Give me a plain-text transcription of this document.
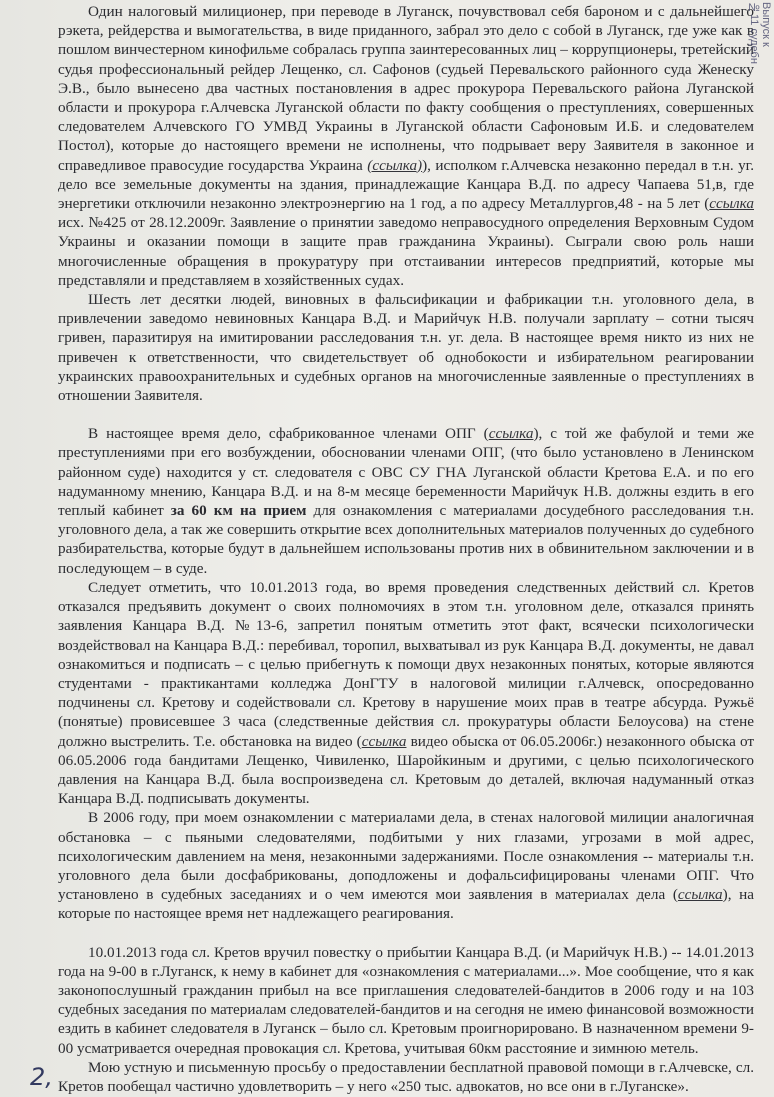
Выпуск к №11 судебн

Один налоговый милиционер, при переводе в Луганск, почувствовал себя бароном и с дальнейшего рэкета, рейдерства и вымогательства, в виде приданного, забрал это дело с собой в Луганск, где уже как в пошлом винчестерном кинофильме собралась группа заинтересованных лиц – коррупционеры, третейский судья профессиональный рейдер Лещенко, сл. Сафонов (судьей Перевальского районного суда Женеску Э.В., было вынесено два частных постановления в адрес прокурора Перевальского района Луганской области и прокурора г.Алчевска Луганской области по факту сообщения о преступлениях, совершенных следователем Алчевского ГО УМВД Украины в Луганской области Сафоновым И.Б. и следователем Постол), которые до настоящего времени не исполнены, что подрывает веру Заявителя в законное и справедливое правосудие государства Украина (ссылка)), исполком г.Алчевска незаконно передал в т.н. уг. дело все земельные документы на здания, принадлежащие Канцара В.Д. по адресу Чапаева 51,в, где энергетики отключили незаконно электроэнергию на 1 год, а по адресу Металлургов,48 - на 5 лет (ссылка исх. №425 от 28.12.2009г. Заявление о принятии заведомо неправосудного определения Верховным Судом Украины и оказании помощи в защите прав гражданина Украины). Сыграли свою роль наши многочисленные обращения в прокуратуру при отстаивании интересов предприятий, которые мы представляли и представляем в хозяйственных судах.

Шесть лет десятки людей, виновных в фальсификации и фабрикации т.н. уголовного дела, в привлечении заведомо невиновных Канцара В.Д. и Марийчук Н.В. получали зарплату – сотни тысяч гривен, паразитируя на имитировании расследования т.н. уг. дела. В настоящее время никто из них не привечен к ответственности, что свидетельствует об однобокости и избирательном реагировании украинских правоохранительных и судебных органов на многочисленные заявленные о преступлениях в отношении Заявителя.

В настоящее время дело, сфабрикованное членами ОПГ (ссылка), с той же фабулой и теми же преступлениями при его возбуждении, обосновании членами ОПГ, (что было установлено в Ленинском районном суде) находится у ст. следователя с ОВС СУ ГНА Луганской области Кретова Е.А. и по его надуманному мнению, Канцара В.Д. и на 8-м месяце беременности Марийчук Н.В. должны ездить в его теплый кабинет за 60 км на прием для ознакомления с материалами досудебного расследования т.н. уголовного дела, а так же совершить открытие всех дополнительных материалов полученных до судебного разбирательства, которые будут в дальнейшем использованы против них в обвинительном заключении и в последующем – в суде.

Следует отметить, что 10.01.2013 года, во время проведения следственных действий сл. Кретов отказался предъявить документ о своих полномочиях в этом т.н. уголовном деле, отказался принять заявления Канцара В.Д. №13-6, запретил понятым отметить этот факт, всячески психологически воздействовал на Канцара В.Д.: перебивал, торопил, выхватывал из рук Канцара В.Д. документы, не давал ознакомиться и подписать – с целью прибегнуть к помощи двух незаконных понятых, которые являются студентами - практикантами колледжа ДонГТУ в налоговой милиции г.Алчевск, опосредованно подчинены сл. Кретову и содействовали сл. Кретову в нарушение моих прав в театре абсурда. Ружьё (понятые) провисевшее 3 часа (следственные действия сл. прокуратуры области Белоусова) на стене должно выстрелить. Т.е. обстановка на видео (ссылка видео обыска от 06.05.2006г.) незаконного обыска от 06.05.2006 года бандитами Лещенко, Чивиленко, Шаройкиным и другими, с целью психологического давления на Канцара В.Д. была воспроизведена сл. Кретовым до деталей, включая надуманный отказ Канцара В.Д. подписывать документы.

В 2006 году, при моем ознакомлении с материалами дела, в стенах налоговой милиции аналогичная обстановка – с пьяными следователями, подбитыми у них глазами, угрозами в мой адрес, психологическим давлением на меня, незаконными задержаниями. После ознакомления -- материалы т.н. уголовного дела были досфабрикованы, доподложены и дофальсифицированы членами ОПГ. Что установлено в судебных заседаниях и о чем имеются мои заявления в материалах дела (ссылка), на которые по настоящее время нет надлежащего реагирования.

10.01.2013 года сл. Кретов вручил повестку о прибытии Канцара В.Д. (и Марийчук Н.В.) -- 14.01.2013 года на 9-00 в г.Луганск, к нему в кабинет для «ознакомления с материалами...». Мое сообщение, что я как законопослушный гражданин прибыл на все приглашения следователей-бандитов в 2006 году и на 103 судебных заседания по материалам следователей-бандитов и на сегодня не имею финансовой возможности ездить в кабинет следователя в Луганск – было сл. Кретовым проигнорировано. В назначенном времени 9-00 усматривается очередная провокация сл. Кретова, учитывая 60км расстояние и зимнюю метель.

Мою устную и письменную просьбу о предоставлении бесплатной правовой помощи в г.Алчевске, сл. Кретов пообещал частично удовлетворить – у него «250 тыс. адвокатов, но все они в г.Луганске».

2,
